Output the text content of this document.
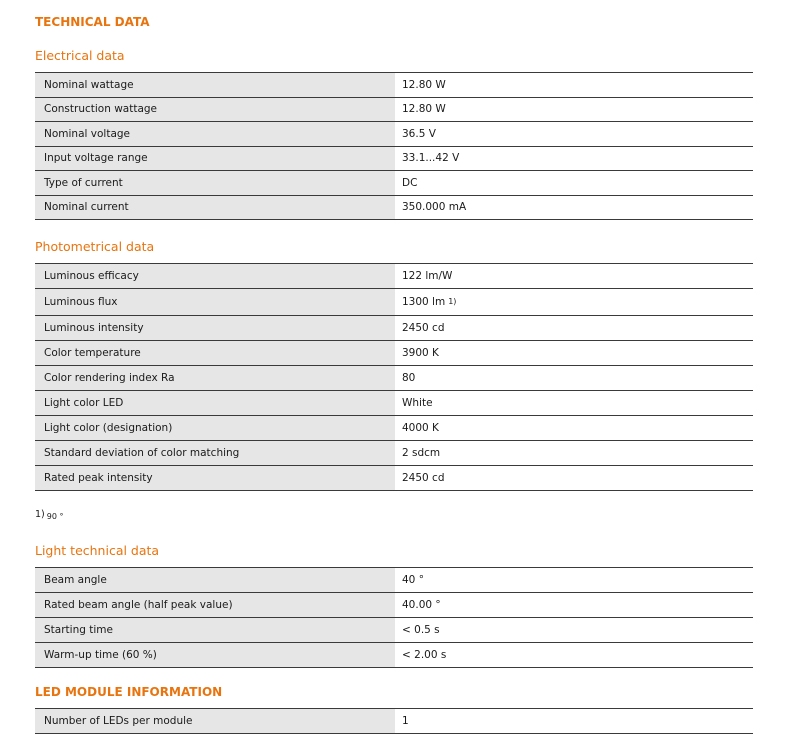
TECHNICAL DATA
Electrical data
Nominal wattage	12.80 W
Construction wattage	12.80 W
Nominal voltage	36.5 V
Input voltage range	33.1...42 V
Type of current	DC
Nominal current	350.000 mA
Photometrical data
Luminous efficacy	122 lm/W
Luminous flux	1300 lm 1)
Luminous intensity	2450 cd
Color temperature	3900 K
Color rendering index Ra	80
Light color LED	White
Light color (designation)	4000 K
Standard deviation of color matching	2 sdcm
Rated peak intensity	2450 cd
1) $_{90 ^\circ}$
Light technical data
Beam angle	40 °
Rated beam angle (half peak value)	40.00 °
Starting time	< 0.5 s
Warm-up time (60 %)	< 2.00 s
LED MODULE INFORMATION
Number of LEDs per module	1
